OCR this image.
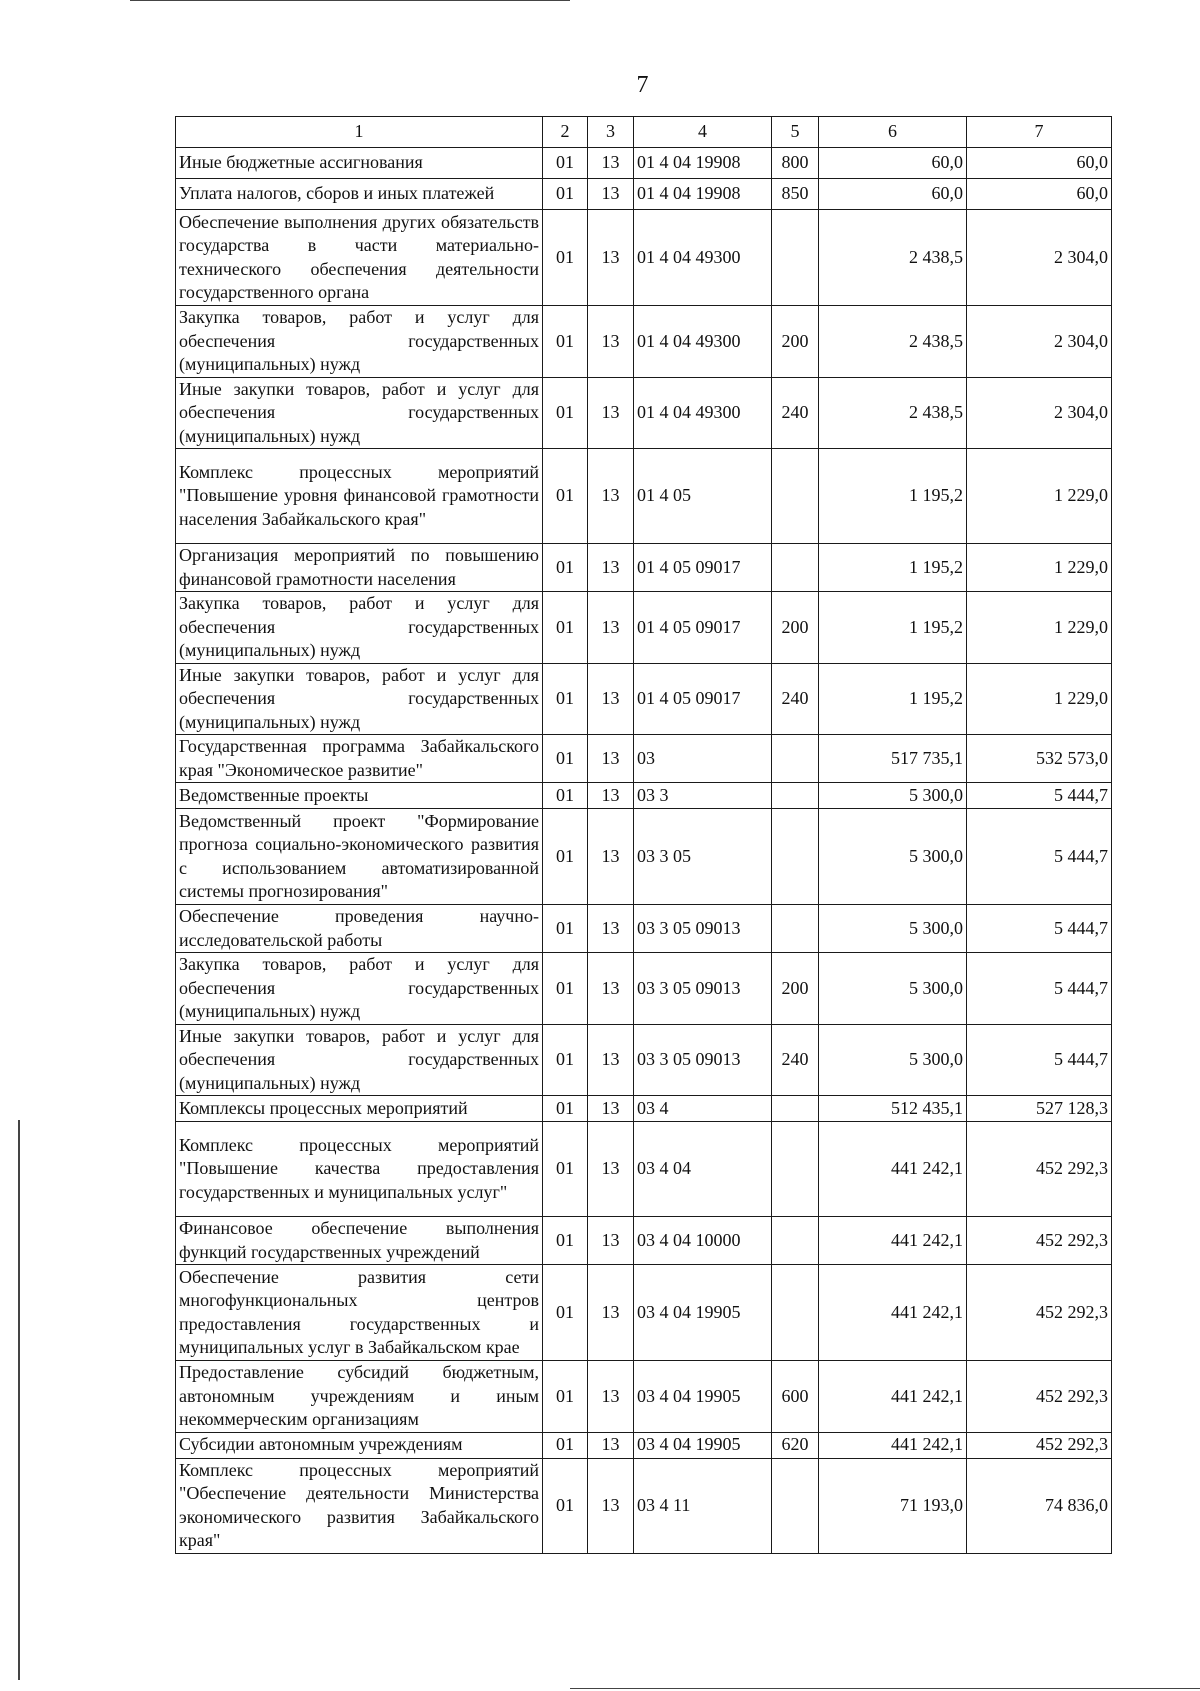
7
1	2	3	4	5	6	7
Иные бюджетные ассигнования	01	13	01 4 04 19908	800	60,0	60,0
Уплата налогов, сборов и иных платежей	01	13	01 4 04 19908	850	60,0	60,0
Обеспечение выполнения других обязательств государства в части материально-технического обеспечения деятельности государственного органа	01	13	01 4 04 49300		2 438,5	2 304,0
Закупка товаров, работ и услуг для обеспечения государственных (муниципальных) нужд	01	13	01 4 04 49300	200	2 438,5	2 304,0
Иные закупки товаров, работ и услуг для обеспечения государственных (муниципальных) нужд	01	13	01 4 04 49300	240	2 438,5	2 304,0
Комплекс процессных мероприятий "Повышение уровня финансовой грамотности населения Забайкальского края"	01	13	01 4 05		1 195,2	1 229,0
Организация мероприятий по повышению финансовой грамотности населения	01	13	01 4 05 09017		1 195,2	1 229,0
Закупка товаров, работ и услуг для обеспечения государственных (муниципальных) нужд	01	13	01 4 05 09017	200	1 195,2	1 229,0
Иные закупки товаров, работ и услуг для обеспечения государственных (муниципальных) нужд	01	13	01 4 05 09017	240	1 195,2	1 229,0
Государственная программа Забайкальского края "Экономическое развитие"	01	13	03		517 735,1	532 573,0
Ведомственные проекты	01	13	03 3		5 300,0	5 444,7
Ведомственный проект "Формирование прогноза социально-экономического развития с использованием автоматизированной системы прогнозирования"	01	13	03 3 05		5 300,0	5 444,7
Обеспечение проведения научно-исследовательской работы	01	13	03 3 05 09013		5 300,0	5 444,7
Закупка товаров, работ и услуг для обеспечения государственных (муниципальных) нужд	01	13	03 3 05 09013	200	5 300,0	5 444,7
Иные закупки товаров, работ и услуг для обеспечения государственных (муниципальных) нужд	01	13	03 3 05 09013	240	5 300,0	5 444,7
Комплексы процессных мероприятий	01	13	03 4		512 435,1	527 128,3
Комплекс процессных мероприятий "Повышение качества предоставления государственных и муниципальных услуг"	01	13	03 4 04		441 242,1	452 292,3
Финансовое обеспечение выполнения функций государственных учреждений	01	13	03 4 04 10000		441 242,1	452 292,3
Обеспечение развития сети многофункциональных центров предоставления государственных и муниципальных услуг в Забайкальском крае	01	13	03 4 04 19905		441 242,1	452 292,3
Предоставление субсидий бюджетным, автономным учреждениям и иным некоммерческим организациям	01	13	03 4 04 19905	600	441 242,1	452 292,3
Субсидии автономным учреждениям	01	13	03 4 04 19905	620	441 242,1	452 292,3
Комплекс процессных мероприятий "Обеспечение деятельности Министерства экономического развития Забайкальского края"	01	13	03 4 11		71 193,0	74 836,0
